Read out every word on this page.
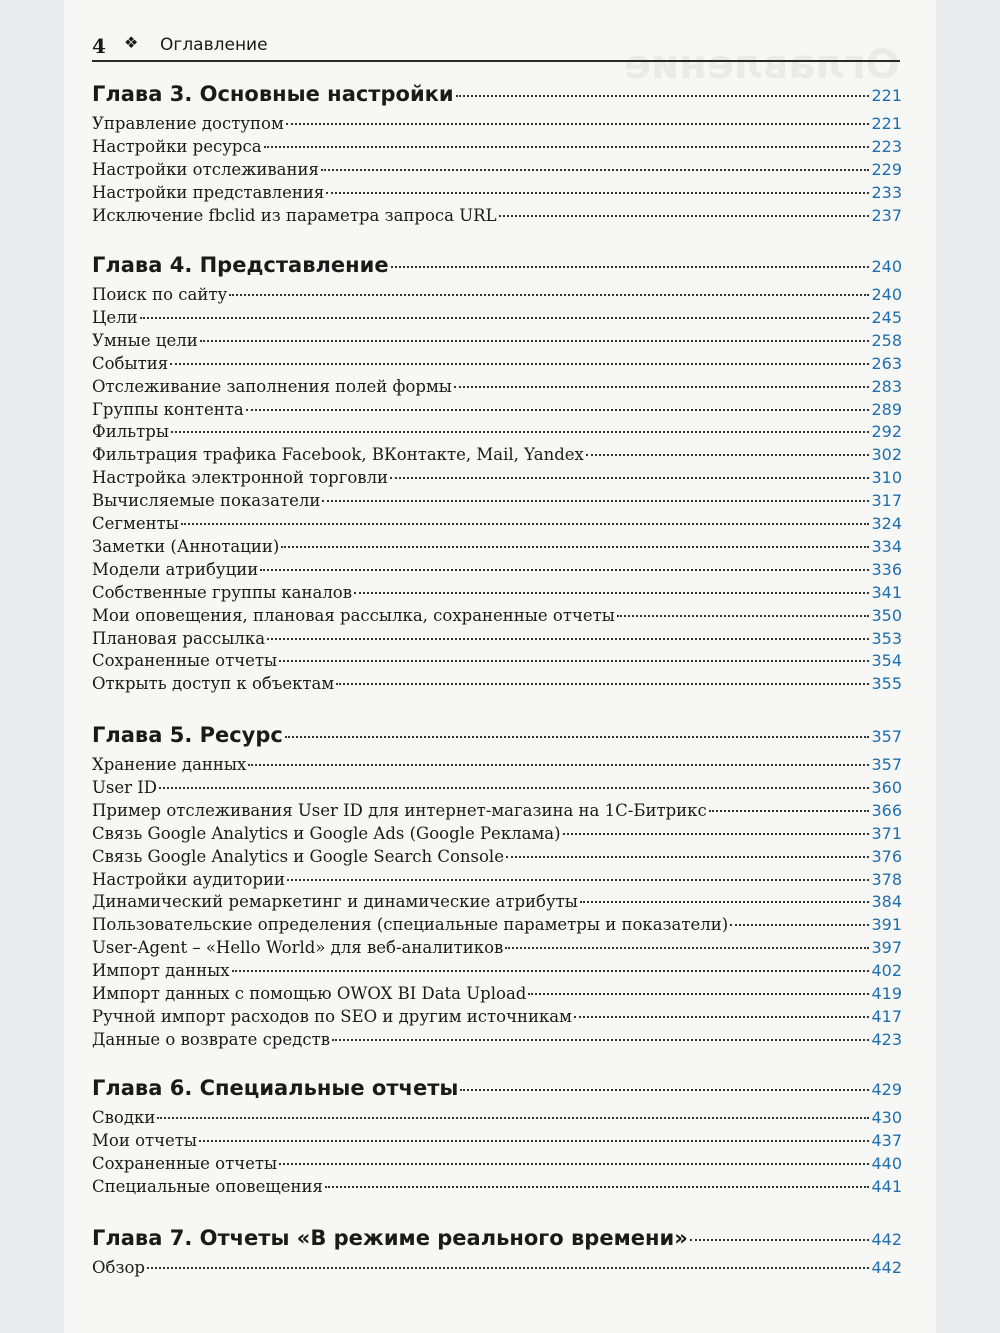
Оглавление
4 ❖ Оглавление
Глава 3. Основные настройки	221
Управление доступом	221
Настройки ресурса	223
Настройки отслеживания	229
Настройки представления	233
Исключение fbclid из параметра запроса URL	237
Глава 4. Представление	240
Поиск по сайту	240
Цели	245
Умные цели	258
События	263
Отслеживание заполнения полей формы	283
Группы контента	289
Фильтры	292
Фильтрация трафика Facebook, ВКонтакте, Mail, Yandex	302
Настройка электронной торговли	310
Вычисляемые показатели	317
Сегменты	324
Заметки (Аннотации)	334
Модели атрибуции	336
Собственные группы каналов	341
Мои оповещения, плановая рассылка, сохраненные отчеты	350
Плановая рассылка	353
Сохраненные отчеты	354
Открыть доступ к объектам	355
Глава 5. Ресурс	357
Хранение данных	357
User ID	360
Пример отслеживания User ID для интернет-магазина на 1С-Битрикс	366
Связь Google Analytics и Google Ads (Google Реклама)	371
Связь Google Analytics и Google Search Console	376
Настройки аудитории	378
Динамический ремаркетинг и динамические атрибуты	384
Пользовательские определения (специальные параметры и показатели)	391
User-Agent – «Hello World» для веб-аналитиков	397
Импорт данных	402
Импорт данных с помощью OWOX BI Data Upload	419
Ручной импорт расходов по SEO и другим источникам	417
Данные о возврате средств	423
Глава 6. Специальные отчеты	429
Сводки	430
Мои отчеты	437
Сохраненные отчеты	440
Специальные оповещения	441
Глава 7. Отчеты «В режиме реального времени»	442
Обзор	442
